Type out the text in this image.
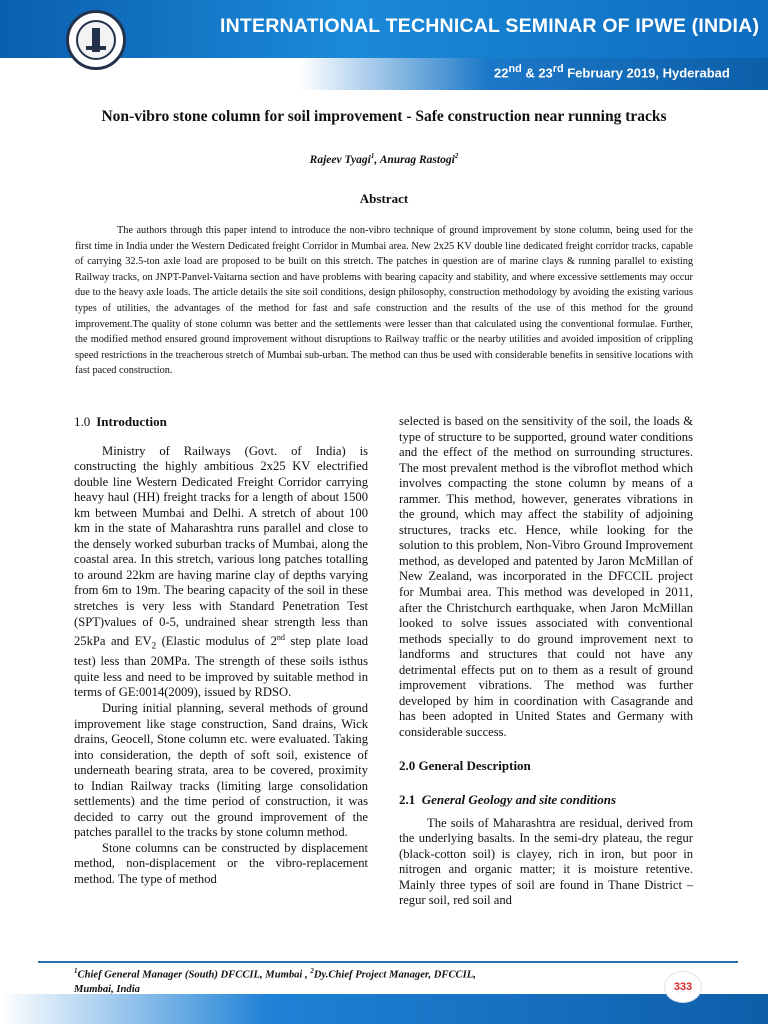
INTERNATIONAL TECHNICAL SEMINAR OF IPWE (INDIA)
22nd & 23rd February 2019, Hyderabad
Non-vibro stone column for soil improvement - Safe construction near running tracks
Rajeev Tyagi$^1$, Anurag Rastogi$^2$
Abstract
The authors through this paper intend to introduce the non-vibro technique of ground improvement by stone column, being used for the first time in India under the Western Dedicated freight Corridor in Mumbai area. New 2x25 KV double line dedicated freight corridor tracks, capable of carrying 32.5-ton axle load are proposed to be built on this stretch. The patches in question are of marine clays & running parallel to existing Railway tracks, on JNPT-Panvel-Vaitarna section and have problems with bearing capacity and stability, and where excessive settlements may occur due to the heavy axle loads. The article details the site soil conditions, design philosophy, construction methodology by avoiding the existing various types of utilities, the advantages of the method for fast and safe construction and the results of the use of this method for the ground improvement.The quality of stone column was better and the settlements were lesser than that calculated using the conventional formulae. Further, the modified method ensured ground improvement without disruptions to Railway traffic or the nearby utilities and avoided imposition of crippling speed restrictions in the treacherous stretch of Mumbai sub-urban. The method can thus be used with considerable benefits in sensitive locations with fast paced construction.
1.0 Introduction
Ministry of Railways (Govt. of India) is constructing the highly ambitious 2x25 KV electrified double line Western Dedicated Freight Corridor carrying heavy haul (HH) freight tracks for a length of about 1500 km between Mumbai and Delhi. A stretch of about 100 km in the state of Maharashtra runs parallel and close to the densely worked suburban tracks of Mumbai, along the coastal area. In this stretch, various long patches totalling to around 22km are having marine clay of depths varying from 6m to 19m. The bearing capacity of the soil in these stretches is very less with Standard Penetration Test (SPT)values of 0-5, undrained shear strength less than 25kPa and $EV_2$ (Elastic modulus of 2nd step plate load test) less than 20MPa. The strength of these soils isthus quite less and need to be improved by suitable method in terms of GE:0014(2009), issued by RDSO.
During initial planning, several methods of ground improvement like stage construction, Sand drains, Wick drains, Geocell, Stone column etc. were evaluated. Taking into consideration, the depth of soft soil, existence of underneath bearing strata, area to be covered, proximity to Indian Railway tracks (limiting large consolidation settlements) and the time period of construction, it was decided to carry out the ground improvement of the patches parallel to the tracks by stone column method.
Stone columns can be constructed by displacement method, non-displacement or the vibro-replacement method. The type of method
selected is based on the sensitivity of the soil, the loads & type of structure to be supported, ground water conditions and the effect of the method on surrounding structures. The most prevalent method is the vibroflot method which involves compacting the stone column by means of a rammer. This method, however, generates vibrations in the ground, which may affect the stability of adjoining structures, tracks etc. Hence, while looking for the solution to this problem, Non-Vibro Ground Improvement method, as developed and patented by Jaron McMillan of New Zealand, was incorporated in the DFCCIL project for Mumbai area. This method was developed in 2011, after the Christchurch earthquake, when Jaron McMillan looked to solve issues associated with conventional methods specially to do ground improvement next to landforms and structures that could not have any detrimental effects put on to them as a result of ground improvement vibrations. The method was further developed by him in coordination with Casagrande and has been adopted in United States and Germany with considerable success.
2.0 General Description
2.1 General Geology and site conditions
The soils of Maharashtra are residual, derived from the underlying basalts. In the semi-dry plateau, the regur (black-cotton soil) is clayey, rich in iron, but poor in nitrogen and organic matter; it is moisture retentive. Mainly three types of soil are found in Thane District – regur soil, red soil and
$^1$Chief General Manager (South) DFCCIL, Mumbai , $^2$Dy.Chief Project Manager, DFCCIL,
Mumbai, India	333
